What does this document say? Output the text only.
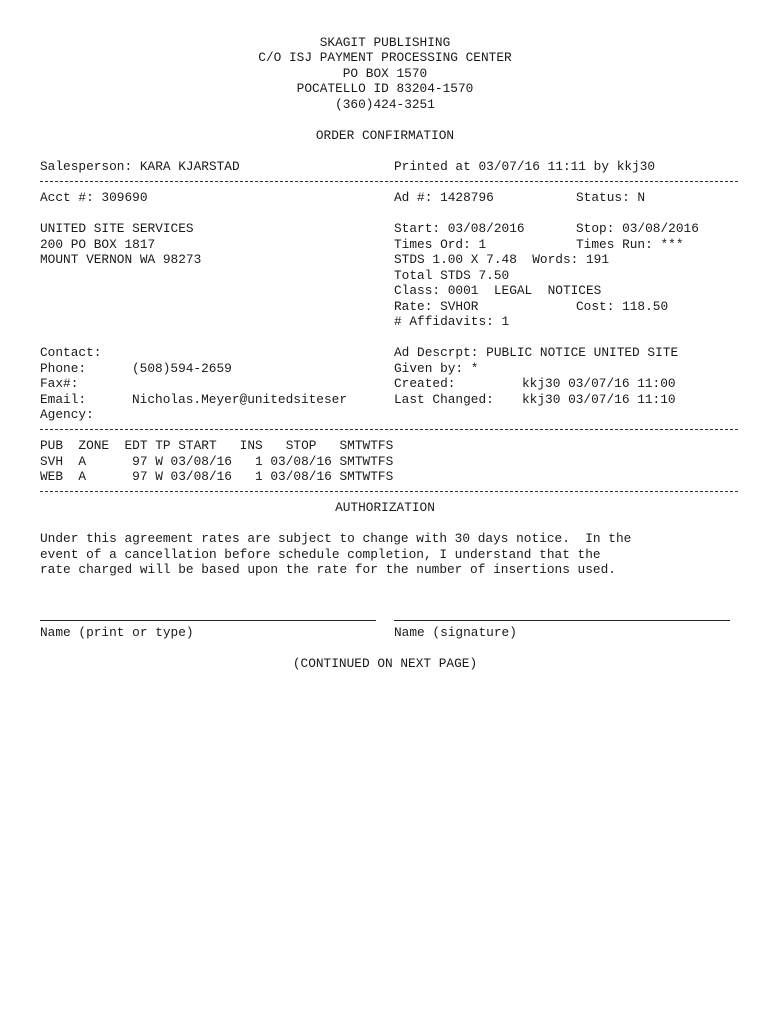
SKAGIT PUBLISHING
C/O ISJ PAYMENT PROCESSING CENTER
PO BOX 1570
POCATELLO ID 83204-1570
(360)424-3251
ORDER CONFIRMATION
Salesperson: KARA KJARSTAD	Printed at 03/07/16 11:11 by kkj30
Acct #: 309690	Ad #: 1428796	Status: N
UNITED SITE SERVICES
200 PO BOX 1817
MOUNT VERNON WA 98273
Start: 03/08/2016	Stop: 03/08/2016
Times Ord: 1	Times Run: ***
STDS 1.00 X 7.48  Words: 191
Total STDS 7.50
Class: 0001  LEGAL  NOTICES
Rate: SVHOR	Cost: 118.50
# Affidavits: 1
Contact:
Phone:	(508)594-2659
Fax#:
Email:	Nicholas.Meyer@unitedsiteser
Agency:
Ad Descrpt: PUBLIC NOTICE UNITED SITE
Given by: *
Created:	kkj30 03/07/16 11:00
Last Changed: kkj30 03/07/16 11:10
PUB  ZONE  EDT TP START   INS   STOP   SMTWTFS
SVH  A      97 W 03/08/16   1 03/08/16 SMTWTFS
WEB  A      97 W 03/08/16   1 03/08/16 SMTWTFS
AUTHORIZATION
Under this agreement rates are subject to change with 30 days notice.  In the
event of a cancellation before schedule completion, I understand that the
rate charged will be based upon the rate for the number of insertions used.
Name (print or type)	Name (signature)
(CONTINUED ON NEXT PAGE)
